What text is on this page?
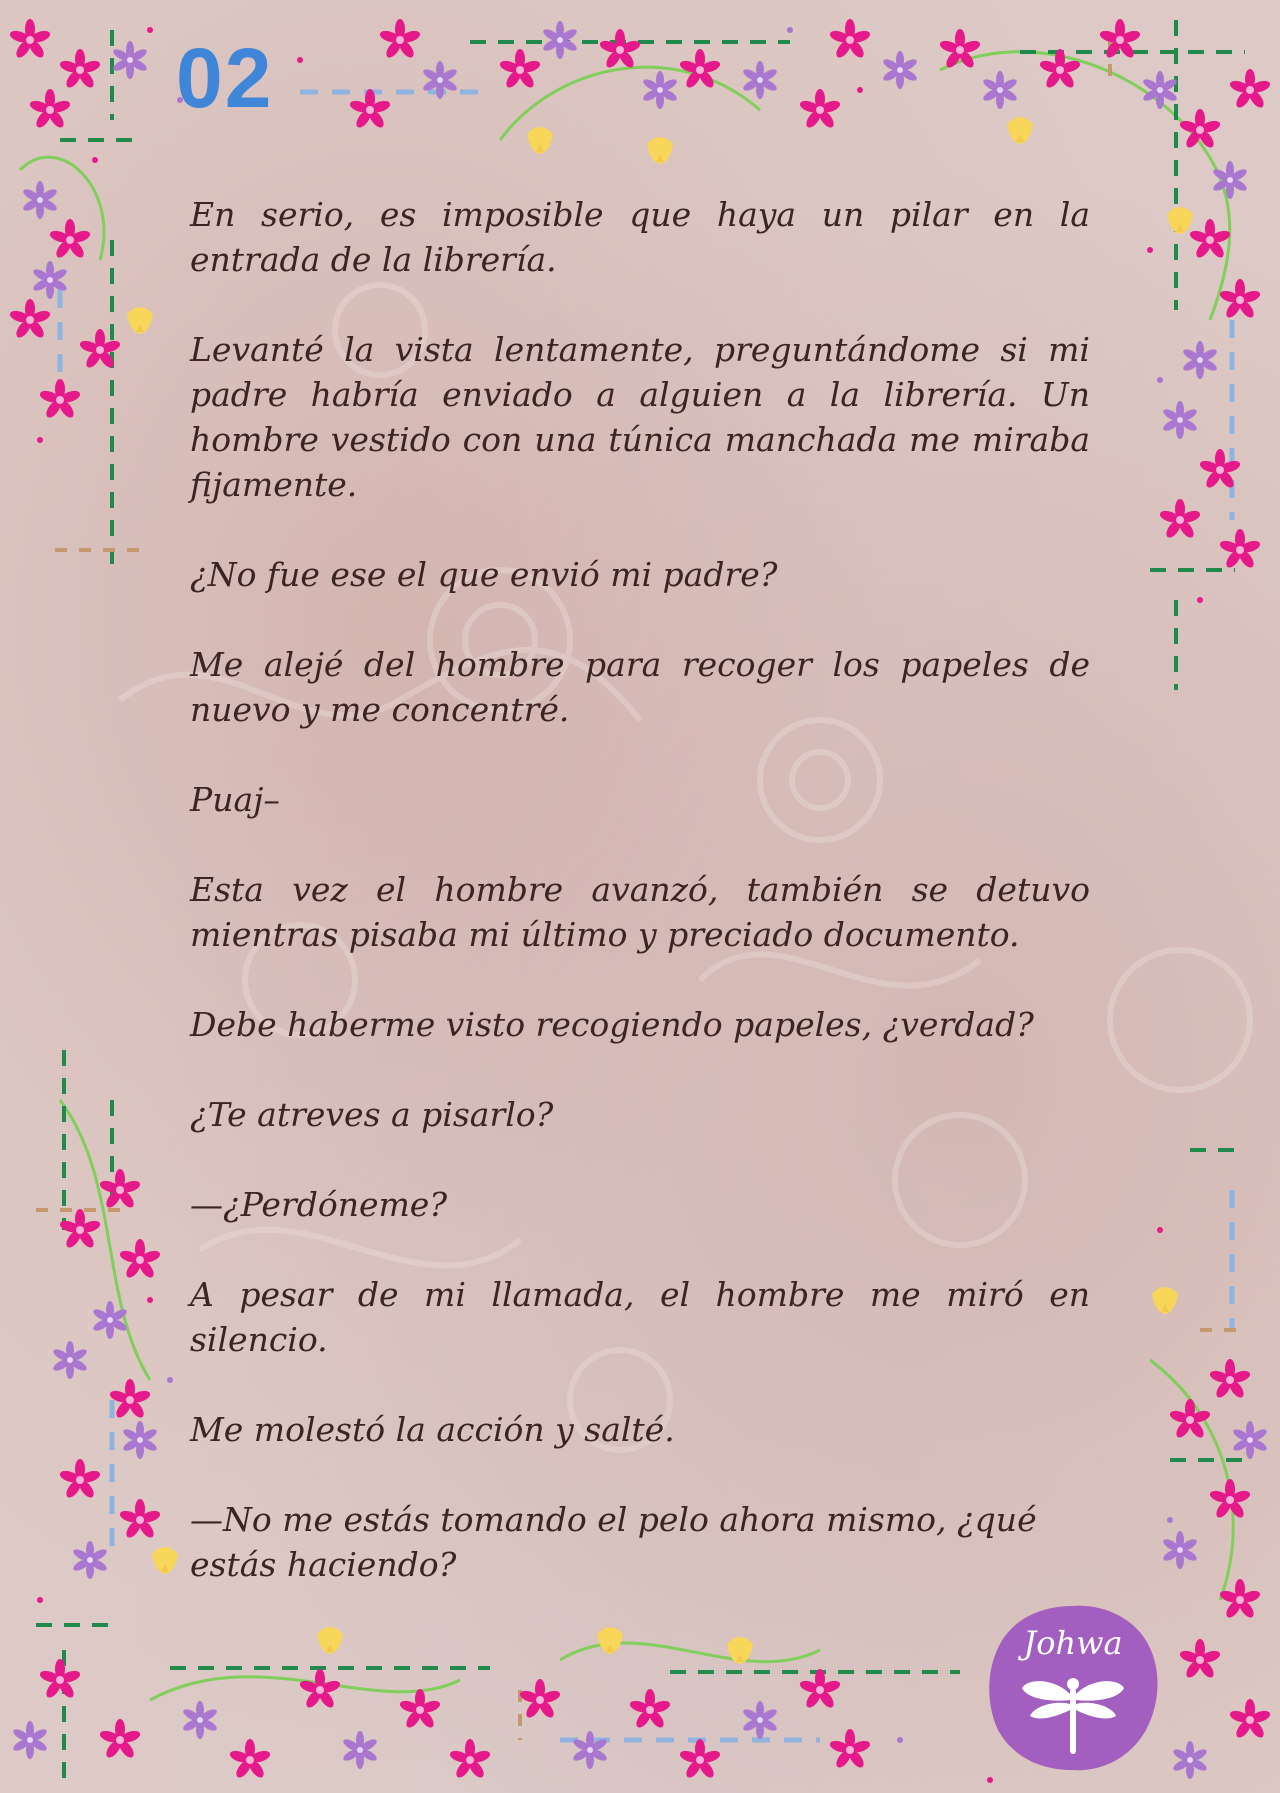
02

En serio, es imposible que haya un pilar en la entrada de la librería.

Levanté la vista lentamente, preguntándome si mi padre habría enviado a alguien a la librería. Un hombre vestido con una túnica manchada me miraba fijamente.

¿No fue ese el que envió mi padre?

Me alejé del hombre para recoger los papeles de nuevo y me concentré.

Puaj–

Esta vez el hombre avanzó, también se detuvo mientras pisaba mi último y preciado documento.

Debe haberme visto recogiendo papeles, ¿verdad?

¿Te atreves a pisarlo?

—¿Perdóneme?

A pesar de mi llamada, el hombre me miró en silencio.

Me molestó la acción y salté.

—No me estás tomando el pelo ahora mismo, ¿qué estás haciendo?

Johwa
